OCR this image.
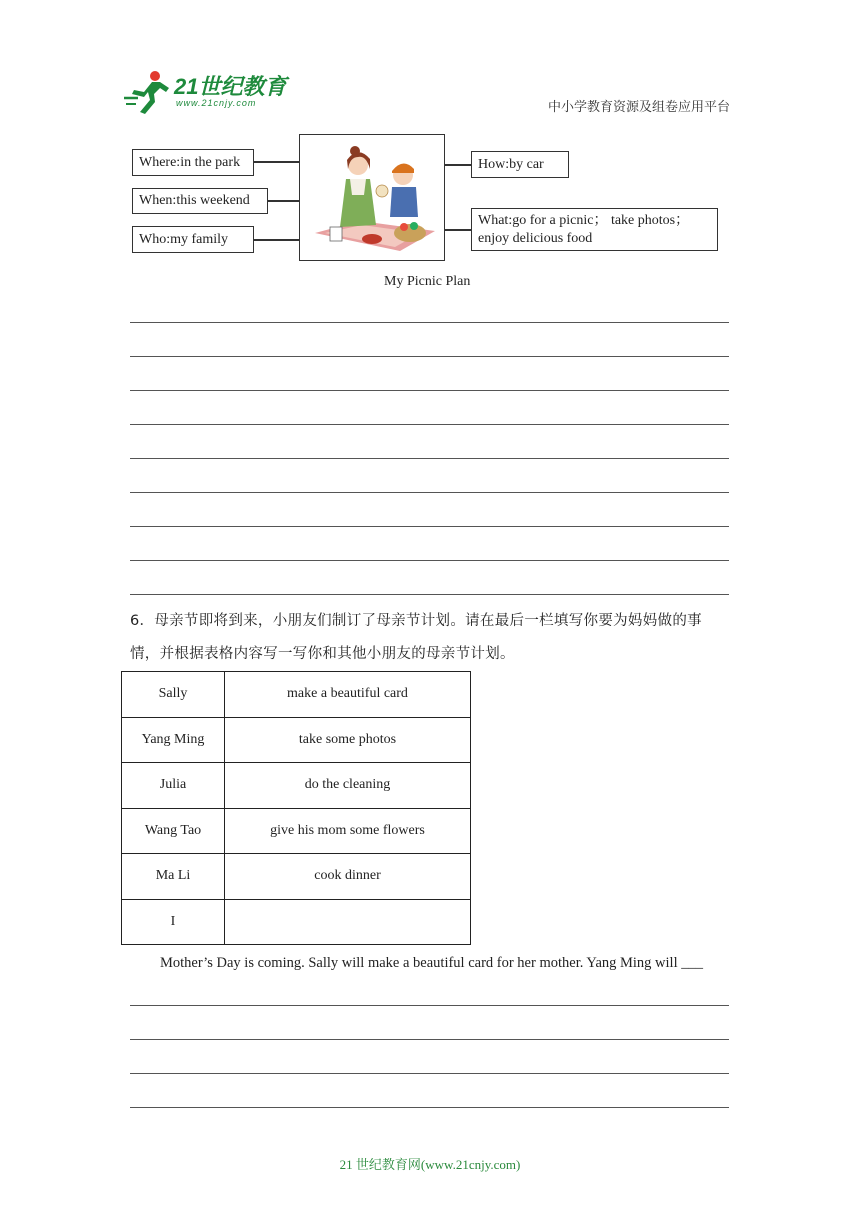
21世纪教育
www.21cnjy.com	中小学教育资源及组卷应用平台
Where:in the park
When:this weekend
Who:my family
How:by car
What:go for a picnic； take photos；
enjoy delicious food
My Picnic Plan
6．母亲节即将到来，小朋友们制订了母亲节计划。请在最后一栏填写你要为妈妈做的事情，并根据表格内容写一写你和其他小朋友的母亲节计划。
Sally	make a beautiful card
Yang Ming	take some photos
Julia	do the cleaning
Wang Tao	give his mom some flowers
Ma Li	cook dinner
I	
Mother’s Day is coming. Sally will make a beautiful card for her mother. Yang Ming will ___
21 世纪教育网(www.21cnjy.com)
